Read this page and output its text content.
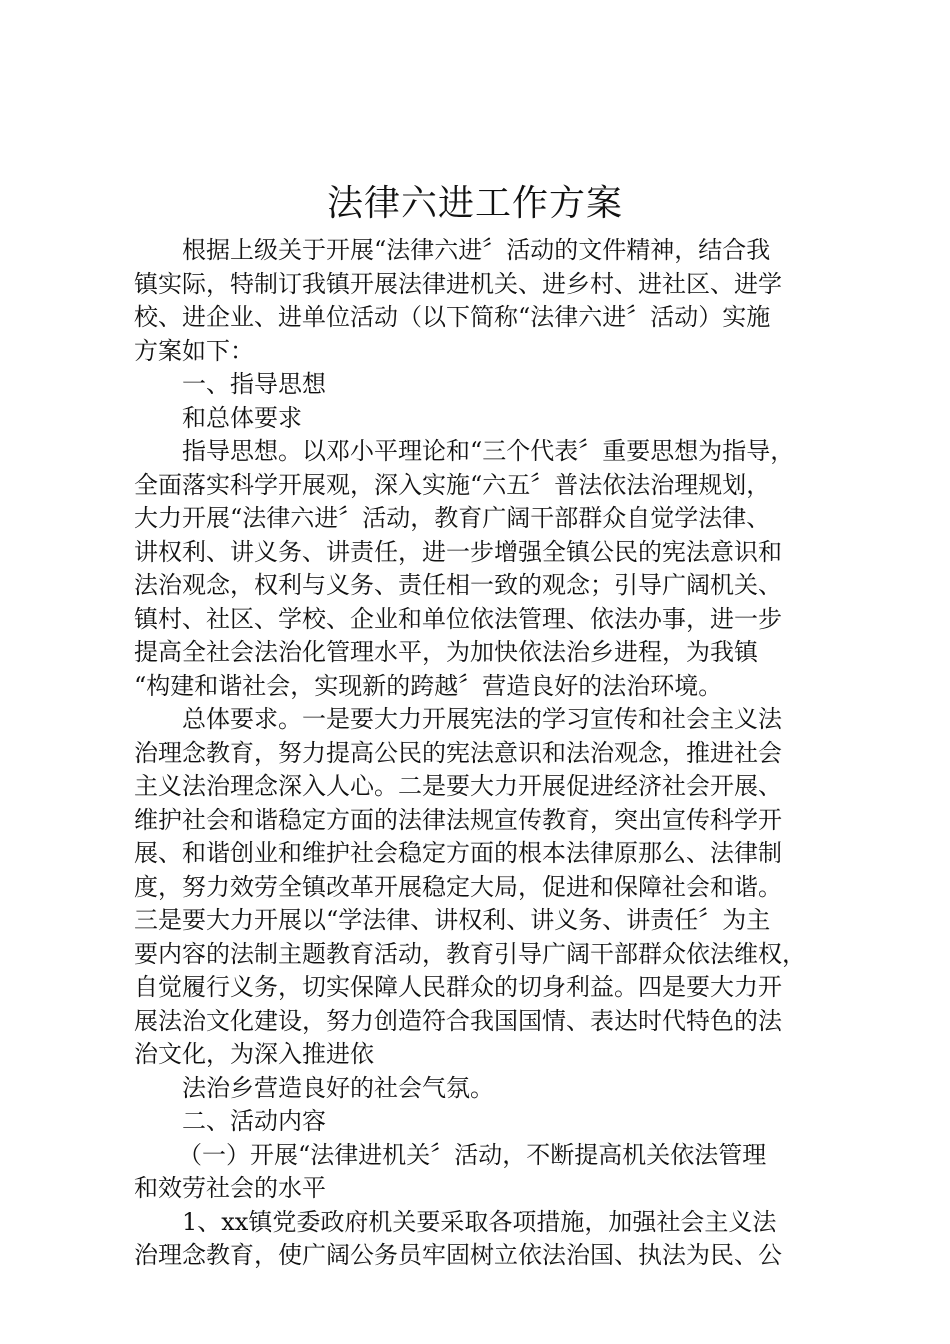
法律六进工作方案

根据上级关于开展“法律六进〞活动的文件精神，结合我

镇实际，特制订我镇开展法律进机关、进乡村、进社区、进学

校、进企业、进单位活动（以下简称“法律六进〞活动）实施

方案如下：

一、指导思想

和总体要求

指导思想。以邓小平理论和“三个代表〞重要思想为指导，

全面落实科学开展观，深入实施“六五〞普法依法治理规划，

大力开展“法律六进〞活动，教育广阔干部群众自觉学法律、

讲权利、讲义务、讲责任，进一步增强全镇公民的宪法意识和

法治观念，权利与义务、责任相一致的观念；引导广阔机关、

镇村、社区、学校、企业和单位依法管理、依法办事，进一步

提高全社会法治化管理水平，为加快依法治乡进程，为我镇

“构建和谐社会，实现新的跨越〞营造良好的法治环境。

总体要求。一是要大力开展宪法的学习宣传和社会主义法

治理念教育，努力提高公民的宪法意识和法治观念，推进社会

主义法治理念深入人心。二是要大力开展促进经济社会开展、

维护社会和谐稳定方面的法律法规宣传教育，突出宣传科学开

展、和谐创业和维护社会稳定方面的根本法律原那么、法律制

度，努力效劳全镇改革开展稳定大局，促进和保障社会和谐。

三是要大力开展以“学法律、讲权利、讲义务、讲责任〞为主

要内容的法制主题教育活动，教育引导广阔干部群众依法维权，

自觉履行义务，切实保障人民群众的切身利益。四是要大力开

展法治文化建设，努力创造符合我国国情、表达时代特色的法

治文化，为深入推进依

法治乡营造良好的社会气氛。

二、活动内容

（一）开展“法律进机关〞活动，不断提高机关依法管理

和效劳社会的水平

1、xx镇党委政府机关要采取各项措施，加强社会主义法

治理念教育，使广阔公务员牢固树立依法治国、执法为民、公
